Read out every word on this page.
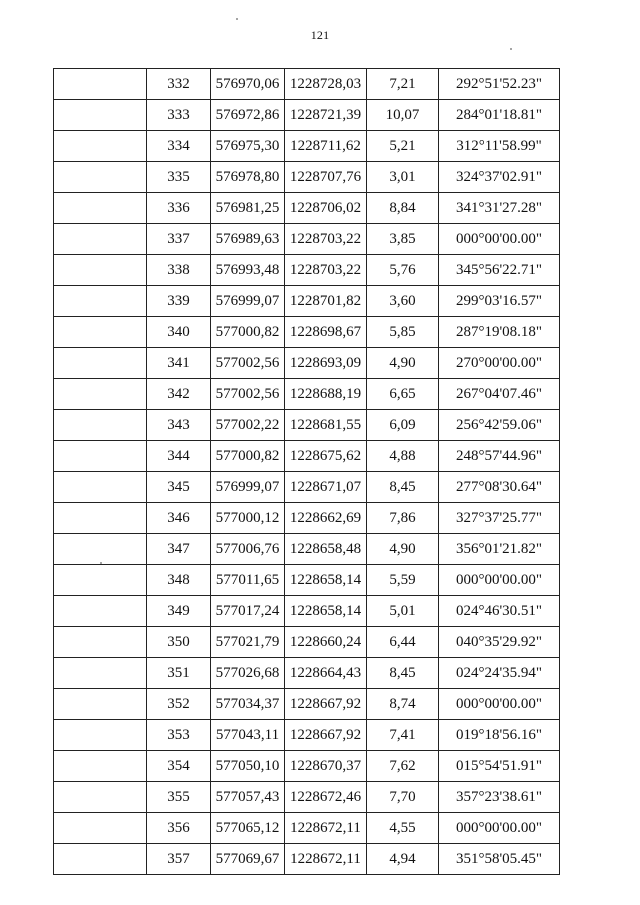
121
	332	576970,06	1228728,03	7,21	292°51'52.23"
	333	576972,86	1228721,39	10,07	284°01'18.81"
	334	576975,30	1228711,62	5,21	312°11'58.99"
	335	576978,80	1228707,76	3,01	324°37'02.91"
	336	576981,25	1228706,02	8,84	341°31'27.28"
	337	576989,63	1228703,22	3,85	000°00'00.00"
	338	576993,48	1228703,22	5,76	345°56'22.71"
	339	576999,07	1228701,82	3,60	299°03'16.57"
	340	577000,82	1228698,67	5,85	287°19'08.18"
	341	577002,56	1228693,09	4,90	270°00'00.00"
	342	577002,56	1228688,19	6,65	267°04'07.46"
	343	577002,22	1228681,55	6,09	256°42'59.06"
	344	577000,82	1228675,62	4,88	248°57'44.96"
	345	576999,07	1228671,07	8,45	277°08'30.64"
	346	577000,12	1228662,69	7,86	327°37'25.77"
	347	577006,76	1228658,48	4,90	356°01'21.82"
	348	577011,65	1228658,14	5,59	000°00'00.00"
	349	577017,24	1228658,14	5,01	024°46'30.51"
	350	577021,79	1228660,24	6,44	040°35'29.92"
	351	577026,68	1228664,43	8,45	024°24'35.94"
	352	577034,37	1228667,92	8,74	000°00'00.00"
	353	577043,11	1228667,92	7,41	019°18'56.16"
	354	577050,10	1228670,37	7,62	015°54'51.91"
	355	577057,43	1228672,46	7,70	357°23'38.61"
	356	577065,12	1228672,11	4,55	000°00'00.00"
	357	577069,67	1228672,11	4,94	351°58'05.45"
